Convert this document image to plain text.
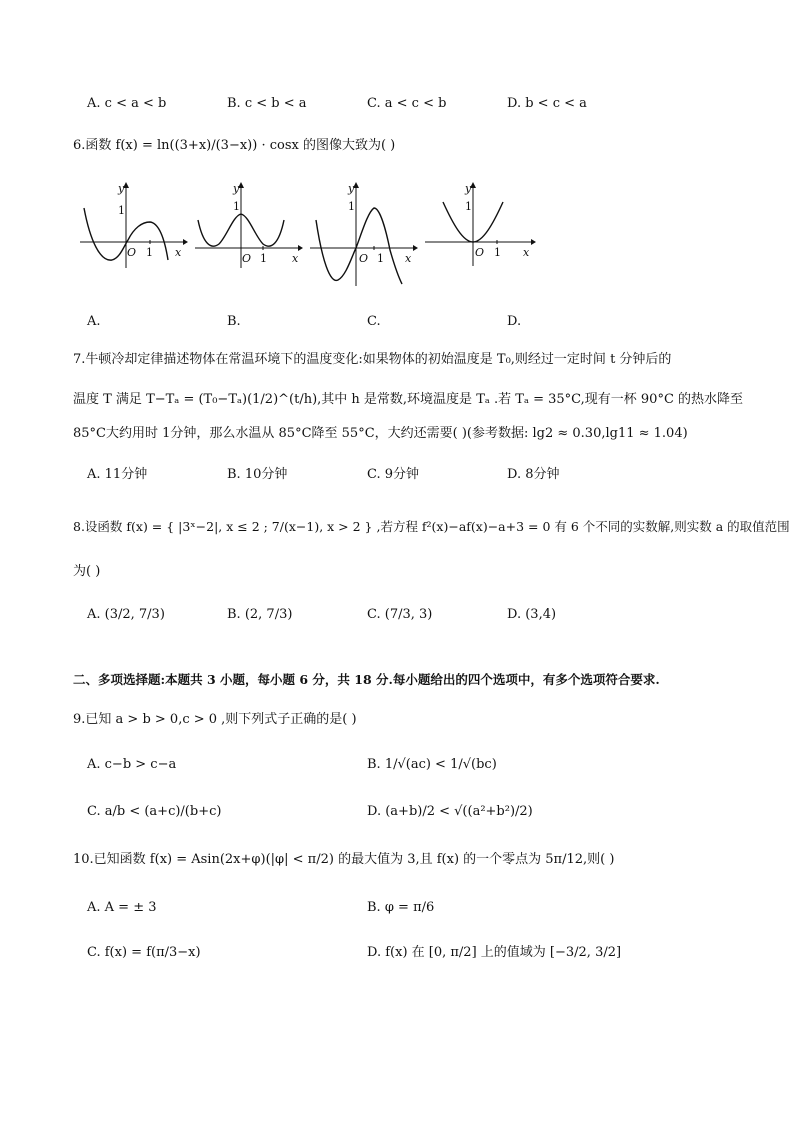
A. c < a < b	B. c < b < a	C. a < c < b	D. b < c < a
6.函数 f(x) = ln((3+x)/(3−x)) · cosx 的图像大致为( )
y
1
O 1 x
y
1
O 1 x
y
1
O 1 x
y
1
O 1 x
A.	B.	C.	D.
7.牛顿冷却定律描述物体在常温环境下的温度变化:如果物体的初始温度是 T₀,则经过一定时间 t 分钟后的
温度 T 满足 T−Tₐ = (T₀−Tₐ)(1/2)^(t/h),其中 h 是常数,环境温度是 Tₐ .若 Tₐ = 35°C,现有一杯 90°C 的热水降至
85°C大约用时 1分钟，那么水温从 85°C降至 55°C，大约还需要( )(参考数据: lg2 ≈ 0.30,lg11 ≈ 1.04)
A. 11分钟	B. 10分钟	C. 9分钟	D. 8分钟
8.设函数 f(x) = { |3ˣ−2|, x ≤ 2 ; 7/(x−1), x > 2 } ,若方程 f²(x)−af(x)−a+3 = 0 有 6 个不同的实数解,则实数 a 的取值范围
为( )
A. (3/2, 7/3)	B. (2, 7/3)	C. (7/3, 3)	D. (3,4)
二、多项选择题:本题共 3 小题，每小题 6 分，共 18 分.每小题给出的四个选项中，有多个选项符合要求.
9.已知 a > b > 0,c > 0 ,则下列式子正确的是( )
A. c−b > c−a	B. 1/√(ac) < 1/√(bc)
C. a/b < (a+c)/(b+c)	D. (a+b)/2 < √((a²+b²)/2)
10.已知函数 f(x) = Asin(2x+φ)(|φ| < π/2) 的最大值为 3,且 f(x) 的一个零点为 5π/12,则( )
A. A = ± 3	B. φ = π/6
C. f(x) = f(π/3−x)	D. f(x) 在 [0, π/2] 上的值域为 [−3/2, 3/2]
